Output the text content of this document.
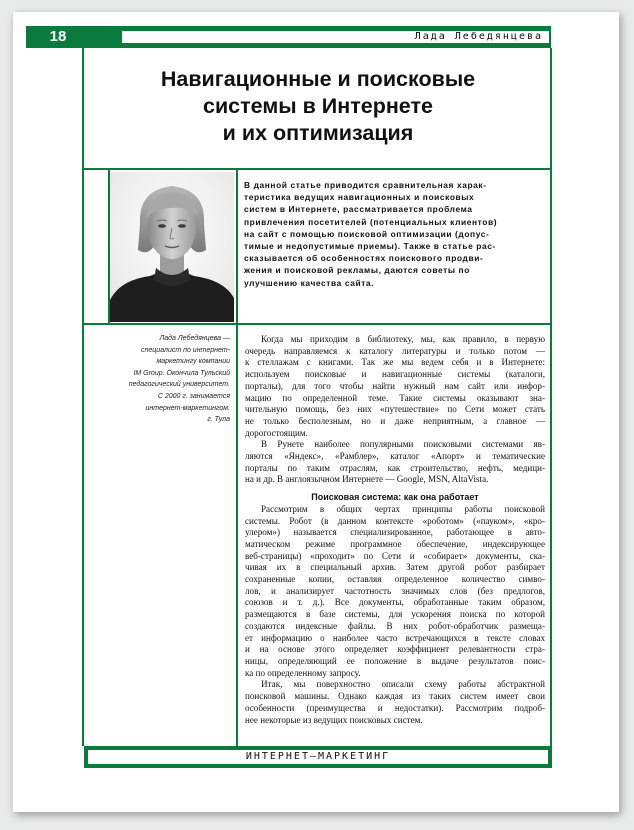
18	Лада Лебедянцева
Навигационные и поисковые
системы в Интернете
и их оптимизация
В данной статье приводится сравнительная харак-
теристика ведущих навигационных и поисковых
систем в Интернете, рассматривается проблема
привлечения посетителей (потенциальных клиентов)
на сайт с помощью поисковой оптимизации (допус-
тимые и недопустимые приемы). Также в статье рас-
сказывается об особенностях поискового продви-
жения и поисковой рекламы, даются советы по
улучшению качества сайта.
Лада Лебедянцева —
специалист по интернет-
маркетингу компании
IM Group. Окончила Тульский
педагогический университет.
С 2000 г. занимается
интернет-маркетингом.
г. Тула
Когда мы приходим в библиотеку, мы, как правило, в первую
очередь направляемся к каталогу литературы и только потом —
к стеллажам с книгами. Так же мы ведем себя и в Интернете:
используем поисковые и навигационные системы (каталоги,
порталы), для того чтобы найти нужный нам сайт или инфор-
мацию по определенной теме. Такие системы оказывают зна-
чительную помощь, без них «путешествие» по Сети может стать
не только бесполезным, но и даже неприятным, а главное —
дорогостоящим.
В Рунете наиболее популярными поисковыми системами яв-
ляются «Яндекс», «Рамблер», каталог «Апорт» и тематические
порталы по таким отраслям, как строительство, нефть, медици-
на и др. В англоязычном Интернете — Google, MSN, AltaVista.
Поисковая система: как она работает
Рассмотрим в общих чертах принципы работы поисковой
системы. Робот (в данном контексте «роботом» («пауком», «кро-
улером») называется специализированное, работающее в авто-
матическом режиме программное обеспечение, индексирующее
веб-страницы) «проходит» по Сети и «собирает» документы, ска-
чивая их в специальный архив. Затем другой робот разбирает
сохраненные копии, оставляя определенное количество симво-
лов, и анализирует частотность значимых слов (без предлогов,
союзов и т. д.). Все документы, обработанные таким образом,
размещаются в базе системы, для ускорения поиска по которой
создаются индексные файлы. В них робот-обработчик размеща-
ет информацию о наиболее часто встречающихся в тексте словах
и на основе этого определяет коэффициент релевантности стра-
ницы, определяющий ее положение в выдаче результатов поис-
ка по определенному запросу.
Итак, мы поверхностно описали схему работы абстрактной
поисковой машины. Однако каждая из таких систем имеет свои
особенности (преимущества и недостатки). Рассмотрим подроб-
нее некоторые из ведущих поисковых систем.
ИНТЕРНЕТ–МАРКЕТИНГ
